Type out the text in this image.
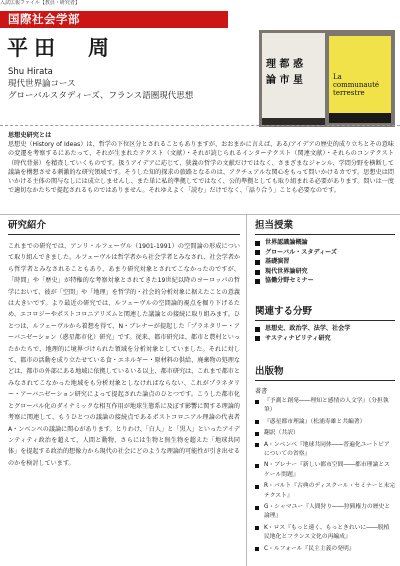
入試広報ファイル【教員・研究者】
国際社会学部
平田　周
Shu Hirata
現代世界論コース
グローバルスタディーズ、フランス語圏現代思想
理 都 惑
論 市 星	La
communauté
terrestre
思想史研究とは
思想史（History of Ideas）は、哲学の下位区分とされることもありますが、おおまかに言えば、ある/アイデアの歴史的成り立ちとその意味の変遷を考察するにあたって、それが生まれたテクスト（文献）・それが読じられるインターテクスト（関連文献）・それらのコンテクスト（時代背景）を精査していくものです。扱うアイデアに応じて、狭義の哲学の文献だけではなく、さまざまなジャンル、学問分野を横断して議論を構想させる刺激的な研究領域です。そうした知的探求の旅路となるのは、アクチュアルな関心をもって問いかけるカです。思想史は問いかける主体の関与なしには成立しませんし、また単に私的準拠してではなく、公的準拠としても取り組まれる必要があります。問いは一度で適切なかたちで提起されるものではありません。それゆえよく「読む」だけでなく、「話り合う」ことも必要なのです。
研究紹介
これまでの研究では、アンリ・ルフェーヴル（1901-1991）の空間論の形成について取り組んできました。ルフェーヴルは哲学者から社会学者とみなされ、社会学者から哲学者とみなされることもあり、あまり研究対象とされてこなかったのですが、「時間」や「歴史」が特権的な考察対象とされてきた19世紀以降のヨーロッパの哲学において、彼が「空間」や「地理」を哲学的・社会的分析対象に据えたことの意義は大きいです。より最近の研究では、ルフェーヴルの空間論的視点を掘り下げるため、エコロジーやポストコロニアリズムと関連した議論との接続に取り組みます。ひとつは、ルフェーヴルから着想を得て、N・ブレナーが提起した「プラネタリー・アーバニゼーション（惑星都市化）研究」です。従来、都市研究は、都市と農村といったかたちで、地理的に境界づけられた領域を分析対象としていました。それに対して、都市の活動を成り立たせている食・エネルギー・原材料の供給、廃棄物の処理などは、都市の外部にある地域に依拠しているいる以上、都市研究は、これまで都市とみなされてこなかった地域をも分析対象としなければならない、これがプラネタリー・アーバニゼーション研究によって提起された論点のひとつです。こうした都市化とグローバル化のダイナミックな相互作用が地球生態系に及ぼす影響に関する理論的考察に関連して、もうひとつの議論の接続点であるポストコロニアル理論の代表者A・ンベンベの議論に関心があります。とりわけ、「白人」と「黒人」といったアイデンティティ政治を超えて、人間と動物、さらには生物と無生物を超えた「地球共同体」を提起する政治的想像力から現代の社会にどのような理論的可能性が引き出せるのかを検討しています。
担当授業
世界認識論概論
グローバル・スタディーズ
基礎演習
現代世界論研究
協働分野セミナー
関連する分野
思想史、政治学、法学、社会学
サスティナビリティ研究
出版物
著書
『予測と創発――理知と感情の人文学』（分担執筆）
『惑星都市理論』（松浦寿雄と共編著）
翻訳（共訳）
A・ンベンベ『地球共同体――普遍化ユートピアについての省察』
N・ブレナー『新しい都市空間――都市理論とスケール問題』
R・バルト『古典のディスクール・セミナーと未完テクスト』
G・シャマユー『人間狩り――狩猟権力の歴史と論理』
K・ロス『もっと速く、もっときれいに――脱植民地化とフランス文化の再編成』
C・ルフォール『民主主義の発明』
